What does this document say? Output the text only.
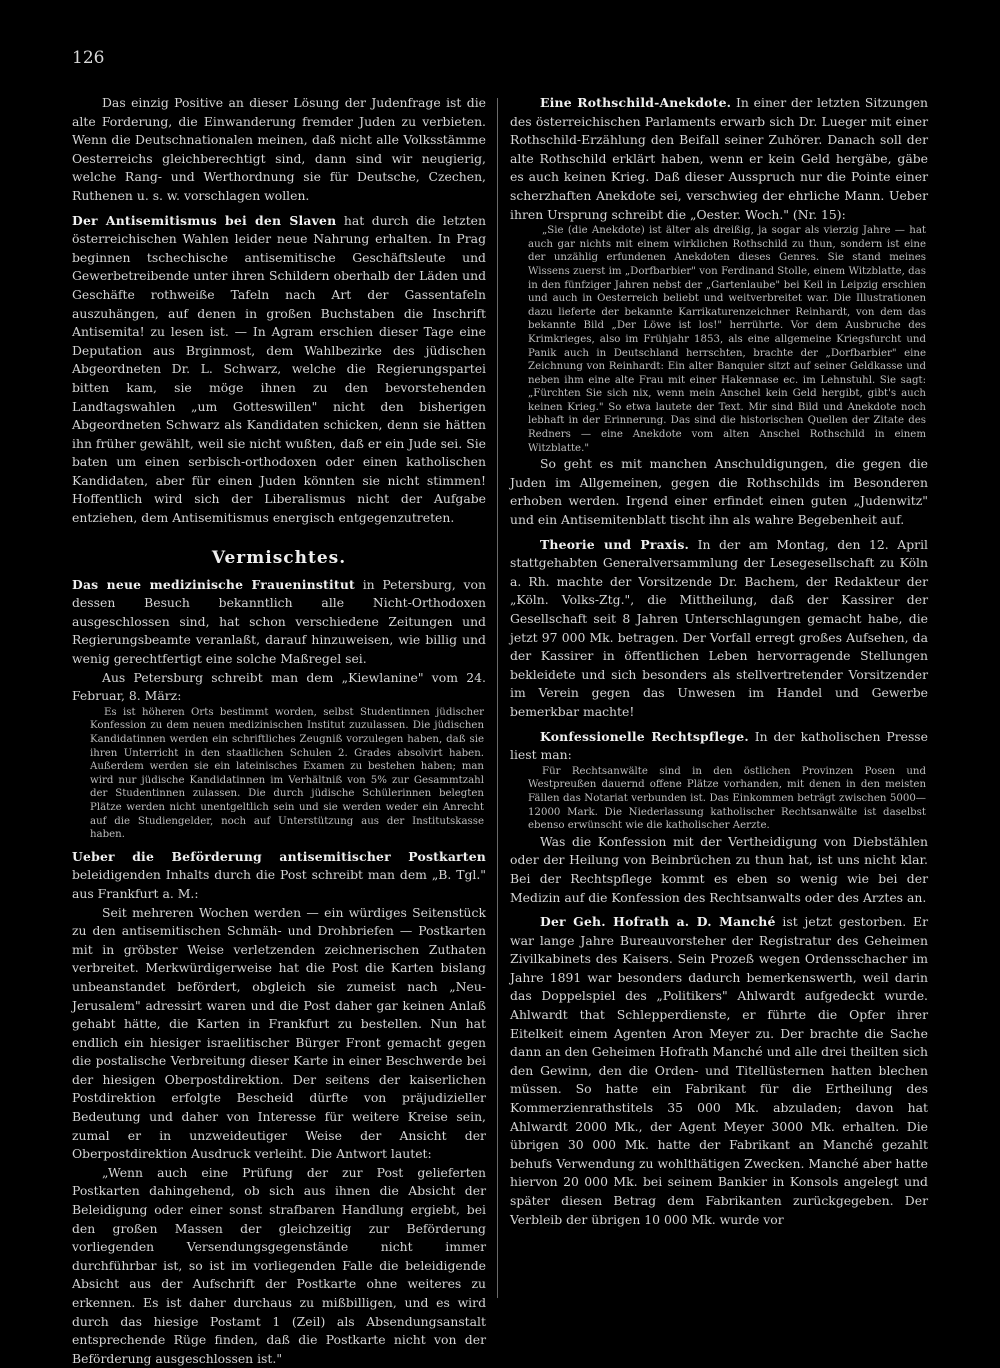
126

Das einzig Positive an dieser Lösung der Judenfrage ist die alte Forderung, die Einwanderung fremder Juden zu verbieten. Wenn die Deutschnationalen meinen, daß nicht alle Volksstämme Oesterreichs gleichberechtigt sind, dann sind wir neugierig, welche Rang- und Werthordnung sie für Deutsche, Czechen, Ruthenen u. s. w. vorschlagen wollen.

Der Antisemitismus bei den Slaven hat durch die letzten österreichischen Wahlen leider neue Nahrung erhalten. In Prag beginnen tschechische antisemitische Geschäftsleute und Gewerbetreibende unter ihren Schildern oberhalb der Läden und Geschäfte rothweiße Tafeln nach Art der Gassentafeln auszuhängen, auf denen in großen Buchstaben die Inschrift Antisemita! zu lesen ist. — In Agram erschien dieser Tage eine Deputation aus Brginmost, dem Wahlbezirke des jüdischen Abgeordneten Dr. L. Schwarz, welche die Regierungspartei bitten kam, sie möge ihnen zu den bevorstehenden Landtagswahlen „um Gotteswillen" nicht den bisherigen Abgeordneten Schwarz als Kandidaten schicken, denn sie hätten ihn früher gewählt, weil sie nicht wußten, daß er ein Jude sei. Sie baten um einen serbisch-orthodoxen oder einen katholischen Kandidaten, aber für einen Juden könnten sie nicht stimmen! Hoffentlich wird sich der Liberalismus nicht der Aufgabe entziehen, dem Antisemitismus energisch entgegenzutreten.

Vermischtes.

Das neue medizinische Fraueninstitut in Petersburg, von dessen Besuch bekanntlich alle Nicht-Orthodoxen ausgeschlossen sind, hat schon verschiedene Zeitungen und Regierungsbeamte veranlaßt, darauf hinzuweisen, wie billig und wenig gerechtfertigt eine solche Maßregel sei.

Aus Petersburg schreibt man dem „Kiewlanine" vom 24. Februar, 8. März:

Es ist höheren Orts bestimmt worden, selbst Studentinnen jüdischer Konfession zu dem neuen medizinischen Institut zuzulassen. Die jüdischen Kandidatinnen werden ein schriftliches Zeugniß vorzulegen haben, daß sie ihren Unterricht in den staatlichen Schulen 2. Grades absolvirt haben. Außerdem werden sie ein lateinisches Examen zu bestehen haben; man wird nur jüdische Kandidatinnen im Verhältniß von 5% zur Gesammtzahl der Studentinnen zulassen. Die durch jüdische Schülerinnen belegten Plätze werden nicht unentgeltlich sein und sie werden weder ein Anrecht auf die Studiengelder, noch auf Unterstützung aus der Institutskasse haben.

Ueber die Beförderung antisemitischer Postkarten beleidigenden Inhalts durch die Post schreibt man dem „B. Tgl." aus Frankfurt a. M.:

Seit mehreren Wochen werden — ein würdiges Seitenstück zu den antisemitischen Schmäh- und Drohbriefen — Postkarten mit in gröbster Weise verletzenden zeichnerischen Zuthaten verbreitet. Merkwürdigerweise hat die Post die Karten bislang unbeanstandet befördert, obgleich sie zumeist nach „Neu-Jerusalem" adressirt waren und die Post daher gar keinen Anlaß gehabt hätte, die Karten in Frankfurt zu bestellen. Nun hat endlich ein hiesiger israelitischer Bürger Front gemacht gegen die postalische Verbreitung dieser Karte in einer Beschwerde bei der hiesigen Oberpostdirektion. Der seitens der kaiserlichen Postdirektion erfolgte Bescheid dürfte von präjudizieller Bedeutung und daher von Interesse für weitere Kreise sein, zumal er in unzweideutiger Weise der Ansicht der Oberpostdirektion Ausdruck verleiht. Die Antwort lautet:

„Wenn auch eine Prüfung der zur Post gelieferten Postkarten dahingehend, ob sich aus ihnen die Absicht der Beleidigung oder einer sonst strafbaren Handlung ergiebt, bei den großen Massen der gleichzeitig zur Beförderung vorliegenden Versendungsgegenstände nicht immer durchführbar ist, so ist im vorliegenden Falle die beleidigende Absicht aus der Aufschrift der Postkarte ohne weiteres zu erkennen. Es ist daher durchaus zu mißbilligen, und es wird durch das hiesige Postamt 1 (Zeil) als Absendungsanstalt entsprechende Rüge finden, daß die Postkarte nicht von der Beförderung ausgeschlossen ist."

Eine Rothschild-Anekdote. In einer der letzten Sitzungen des österreichischen Parlaments erwarb sich Dr. Lueger mit einer Rothschild-Erzählung den Beifall seiner Zuhörer. Danach soll der alte Rothschild erklärt haben, wenn er kein Geld hergäbe, gäbe es auch keinen Krieg. Daß dieser Ausspruch nur die Pointe einer scherzhaften Anekdote sei, verschwieg der ehrliche Mann. Ueber ihren Ursprung schreibt die „Oester. Woch." (Nr. 15):

„Sie (die Anekdote) ist älter als dreißig, ja sogar als vierzig Jahre — hat auch gar nichts mit einem wirklichen Rothschild zu thun, sondern ist eine der unzählig erfundenen Anekdoten dieses Genres. Sie stand meines Wissens zuerst im „Dorfbarbier" von Ferdinand Stolle, einem Witzblatte, das in den fünfziger Jahren nebst der „Gartenlaube" bei Keil in Leipzig erschien und auch in Oesterreich beliebt und weitverbreitet war. Die Illustrationen dazu lieferte der bekannte Karrikaturenzeichner Reinhardt, von dem das bekannte Bild „Der Löwe ist los!" herrührte. Vor dem Ausbruche des Krimkrieges, also im Frühjahr 1853, als eine allgemeine Kriegsfurcht und Panik auch in Deutschland herrschten, brachte der „Dorfbarbier" eine Zeichnung von Reinhardt: Ein alter Banquier sitzt auf seiner Geldkasse und neben ihm eine alte Frau mit einer Hakennase ec. im Lehnstuhl. Sie sagt: „Fürchten Sie sich nix, wenn mein Anschel kein Geld hergibt, gibt's auch keinen Krieg." So etwa lautete der Text. Mir sind Bild und Anekdote noch lebhaft in der Erinnerung. Das sind die historischen Quellen der Zitate des Redners — eine Anekdote vom alten Anschel Rothschild in einem Witzblatte."

So geht es mit manchen Anschuldigungen, die gegen die Juden im Allgemeinen, gegen die Rothschilds im Besonderen erhoben werden. Irgend einer erfindet einen guten „Judenwitz" und ein Antisemitenblatt tischt ihn als wahre Begebenheit auf.

Theorie und Praxis. In der am Montag, den 12. April stattgehabten Generalversammlung der Lesegesellschaft zu Köln a. Rh. machte der Vorsitzende Dr. Bachem, der Redakteur der „Köln. Volks-Ztg.", die Mittheilung, daß der Kassirer der Gesellschaft seit 8 Jahren Unterschlagungen gemacht habe, die jetzt 97 000 Mk. betragen. Der Vorfall erregt großes Aufsehen, da der Kassirer in öffentlichen Leben hervorragende Stellungen bekleidete und sich besonders als stellvertretender Vorsitzender im Verein gegen das Unwesen im Handel und Gewerbe bemerkbar machte!

Konfessionelle Rechtspflege. In der katholischen Presse liest man:

Für Rechtsanwälte sind in den östlichen Provinzen Posen und Westpreußen dauernd offene Plätze vorhanden, mit denen in den meisten Fällen das Notariat verbunden ist. Das Einkommen beträgt zwischen 5000—12000 Mark. Die Niederlassung katholischer Rechtsanwälte ist daselbst ebenso erwünscht wie die katholischer Aerzte.

Was die Konfession mit der Vertheidigung von Diebstählen oder der Heilung von Beinbrüchen zu thun hat, ist uns nicht klar. Bei der Rechtspflege kommt es eben so wenig wie bei der Medizin auf die Konfession des Rechtsanwalts oder des Arztes an.

Der Geh. Hofrath a. D. Manché ist jetzt gestorben. Er war lange Jahre Bureauvorsteher der Registratur des Geheimen Zivilkabinets des Kaisers. Sein Prozeß wegen Ordensschacher im Jahre 1891 war besonders dadurch bemerkenswerth, weil darin das Doppelspiel des „Politikers" Ahlwardt aufgedeckt wurde. Ahlwardt that Schlepperdienste, er führte die Opfer ihrer Eitelkeit einem Agenten Aron Meyer zu. Der brachte die Sache dann an den Geheimen Hofrath Manché und alle drei theilten sich den Gewinn, den die Orden- und Titellüsternen hatten blechen müssen. So hatte ein Fabrikant für die Ertheilung des Kommerzienrathstitels 35 000 Mk. abzuladen; davon hat Ahlwardt 2000 Mk., der Agent Meyer 3000 Mk. erhalten. Die übrigen 30 000 Mk. hatte der Fabrikant an Manché gezahlt behufs Verwendung zu wohlthätigen Zwecken. Manché aber hatte hiervon 20 000 Mk. bei seinem Bankier in Konsols angelegt und später diesen Betrag dem Fabrikanten zurückgegeben. Der Verbleib der übrigen 10 000 Mk. wurde vor
